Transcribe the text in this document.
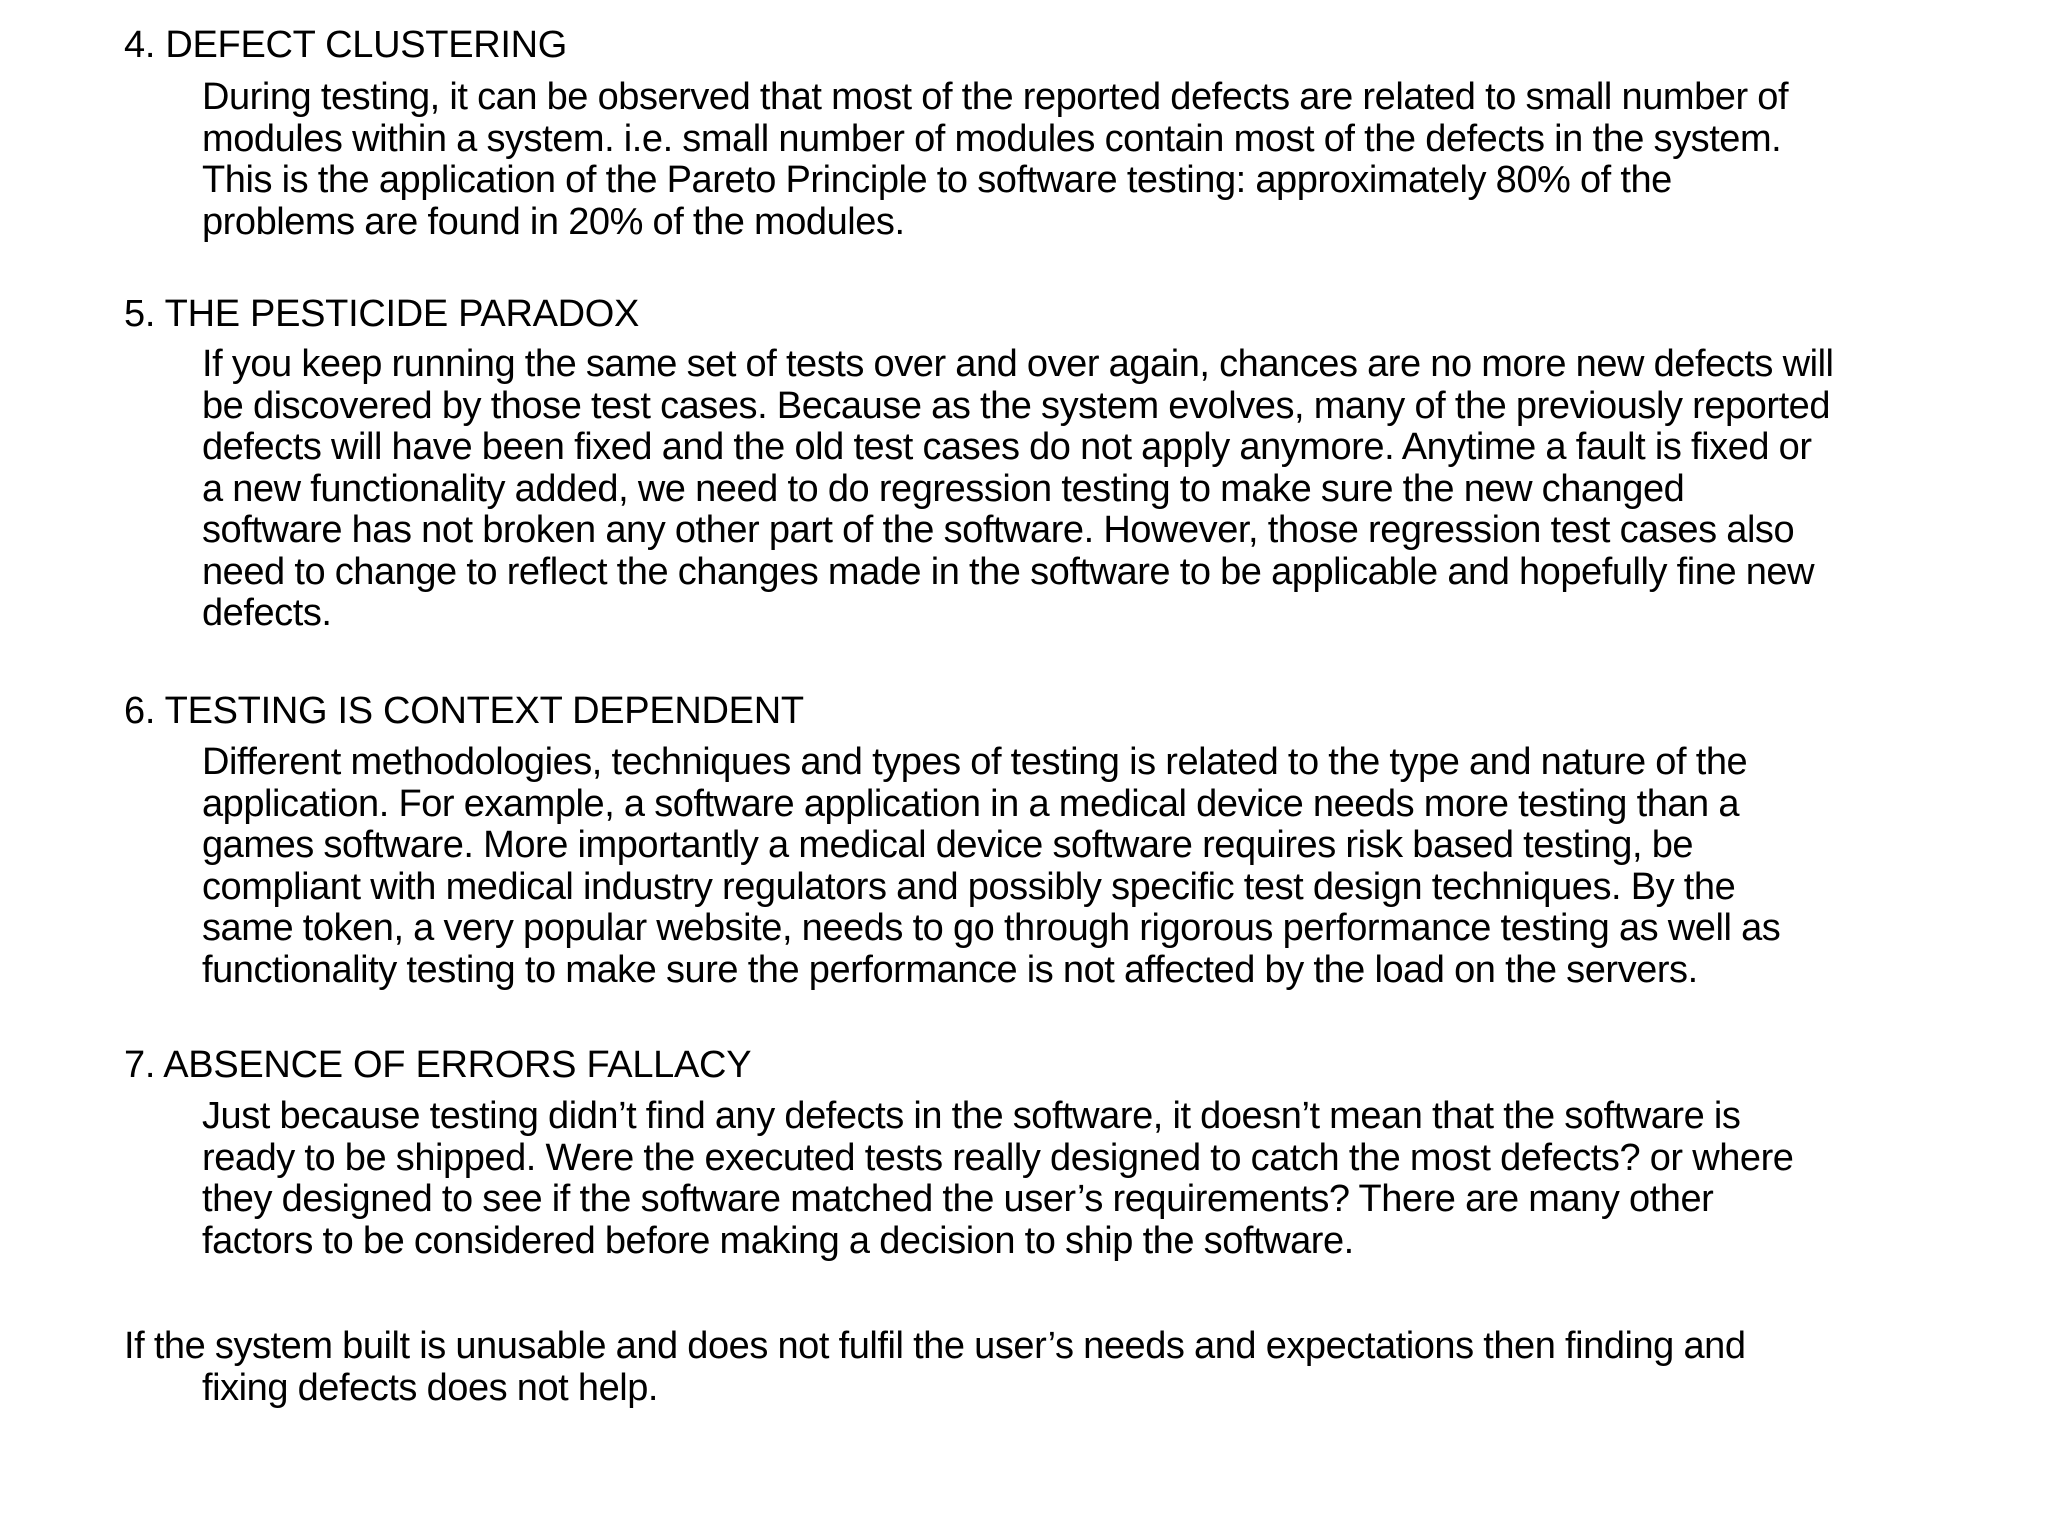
4. DEFECT CLUSTERING
During testing, it can be observed that most of the reported defects are related to small number of
modules within a system. i.e. small number of modules contain most of the defects in the system.
This is the application of the Pareto Principle to software testing: approximately 80% of the
problems are found in 20% of the modules.
5. THE PESTICIDE PARADOX
If you keep running the same set of tests over and over again, chances are no more new defects will
be discovered by those test cases. Because as the system evolves, many of the previously reported
defects will have been fixed and the old test cases do not apply anymore. Anytime a fault is fixed or
a new functionality added, we need to do regression testing to make sure the new changed
software has not broken any other part of the software. However, those regression test cases also
need to change to reflect the changes made in the software to be applicable and hopefully fine new
defects.
6. TESTING IS CONTEXT DEPENDENT
Different methodologies, techniques and types of testing is related to the type and nature of the
application. For example, a software application in a medical device needs more testing than a
games software. More importantly a medical device software requires risk based testing, be
compliant with medical industry regulators and possibly specific test design techniques. By the
same token, a very popular website, needs to go through rigorous performance testing as well as
functionality testing to make sure the performance is not affected by the load on the servers.
7. ABSENCE OF ERRORS FALLACY
Just because testing didn’t find any defects in the software, it doesn’t mean that the software is
ready to be shipped. Were the executed tests really designed to catch the most defects? or where
they designed to see if the software matched the user’s requirements? There are many other
factors to be considered before making a decision to ship the software.
If the system built is unusable and does not fulfil the user’s needs and expectations then finding and
fixing defects does not help.
